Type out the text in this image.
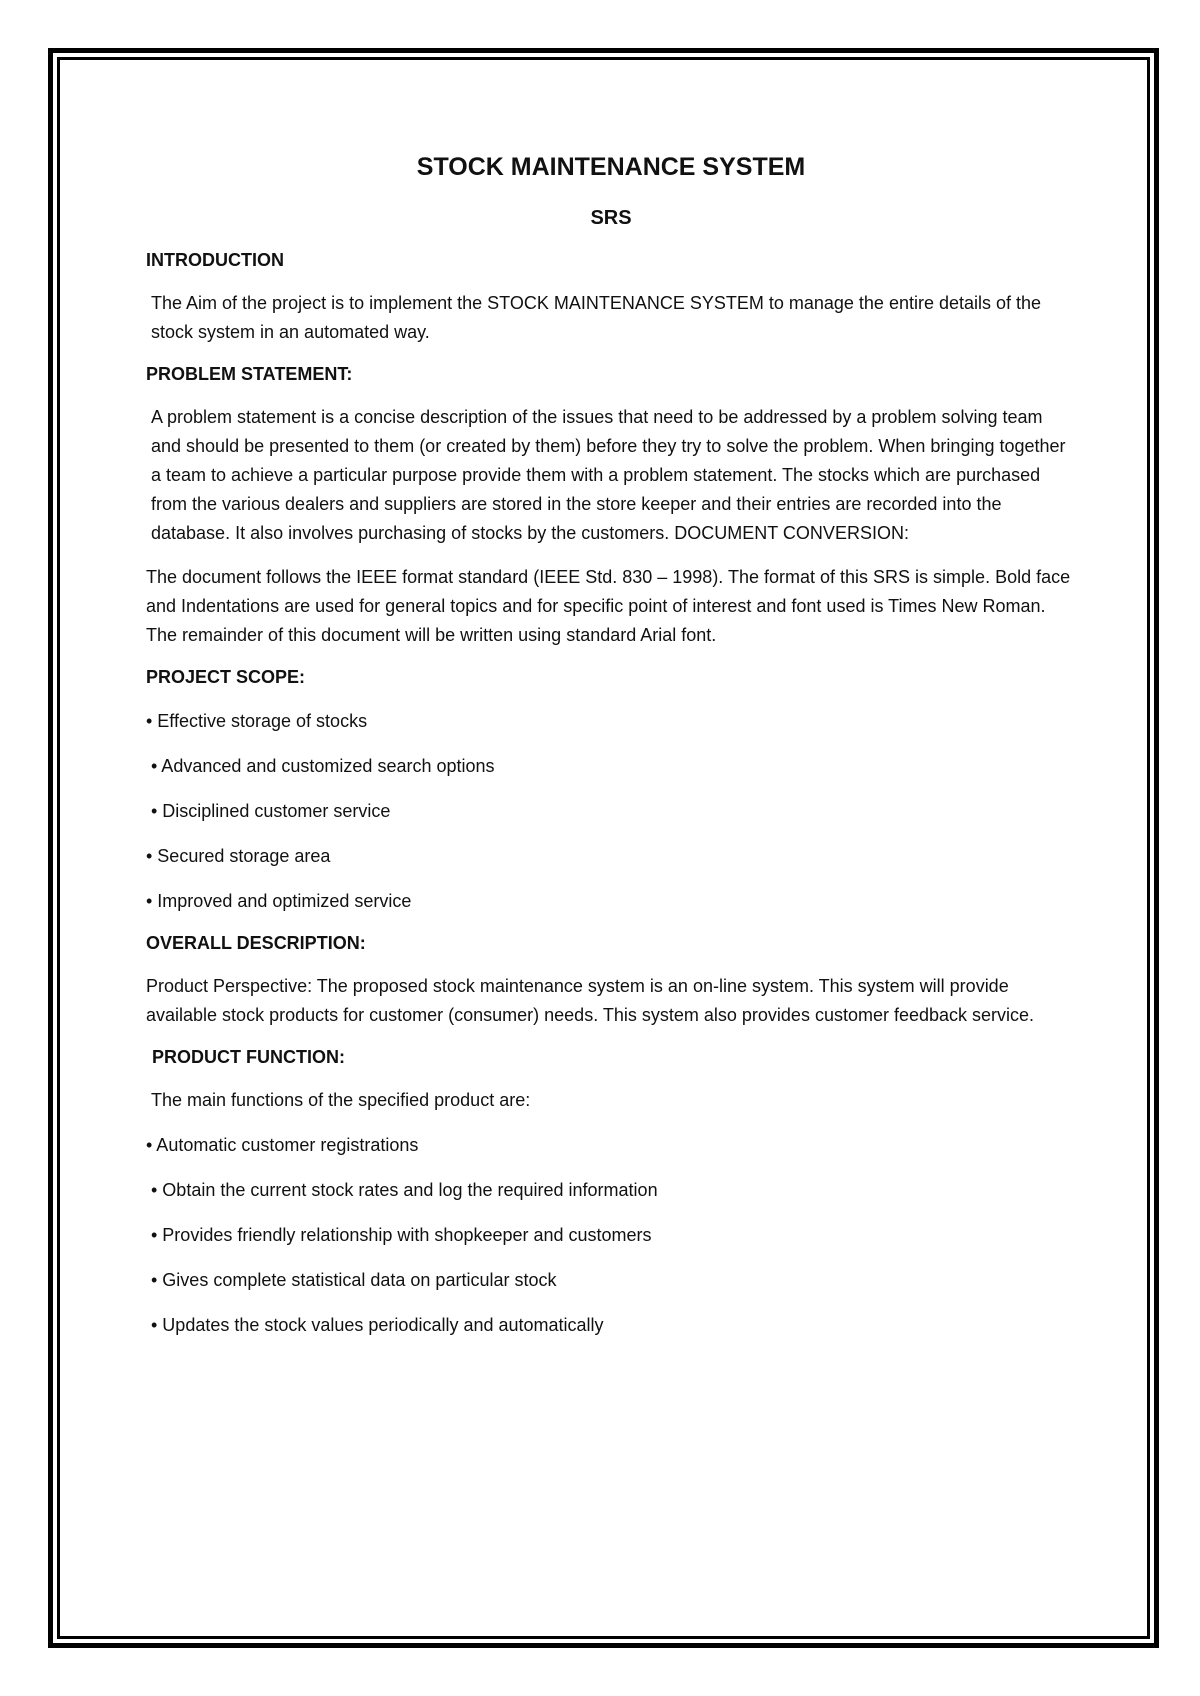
STOCK MAINTENANCE SYSTEM
SRS
INTRODUCTION

The Aim of the project is to implement the STOCK MAINTENANCE SYSTEM to manage the entire details of the stock system in an automated way.

PROBLEM STATEMENT:

A problem statement is a concise description of the issues that need to be addressed by a problem solving team and should be presented to them (or created by them) before they try to solve the problem. When bringing together a team to achieve a particular purpose provide them with a problem statement. The stocks which are purchased from the various dealers and suppliers are stored in the store keeper and their entries are recorded into the database. It also involves purchasing of stocks by the customers. DOCUMENT CONVERSION:

The document follows the IEEE format standard (IEEE Std. 830 – 1998). The format of this SRS is simple. Bold face and Indentations are used for general topics and for specific point of interest and font used is Times New Roman. The remainder of this document will be written using standard Arial font.

PROJECT SCOPE:

• Effective storage of stocks

• Advanced and customized search options

• Disciplined customer service

• Secured storage area

• Improved and optimized service

OVERALL DESCRIPTION:

Product Perspective: The proposed stock maintenance system is an on-line system. This system will provide available stock products for customer (consumer) needs. This system also provides customer feedback service.

PRODUCT FUNCTION:

The main functions of the specified product are:

• Automatic customer registrations

• Obtain the current stock rates and log the required information

• Provides friendly relationship with shopkeeper and customers

• Gives complete statistical data on particular stock

• Updates the stock values periodically and automatically
